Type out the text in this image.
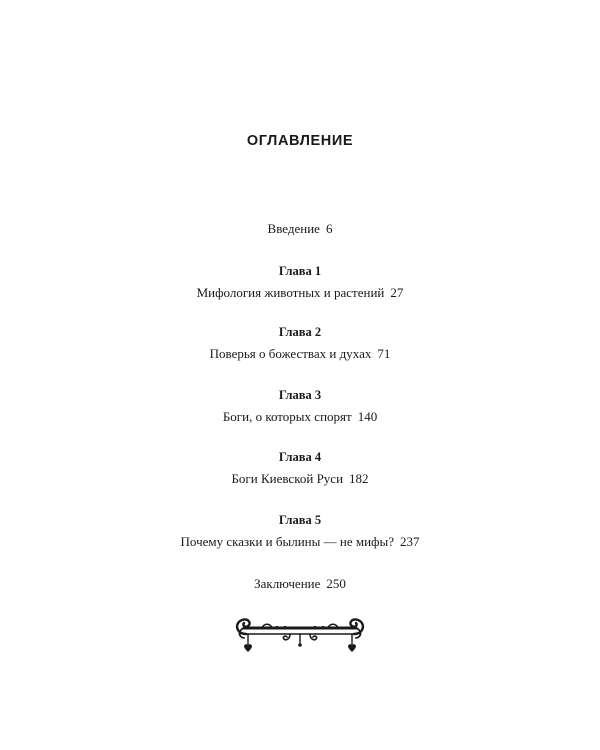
ОГЛАВЛЕНИЕ
Введение 6
Глава 1
Мифология животных и растений 27
Глава 2
Поверья о божествах и духах 71
Глава 3
Боги, о которых спорят 140
Глава 4
Боги Киевской Руси 182
Глава 5
Почему сказки и былины — не мифы? 237
Заключение 250
